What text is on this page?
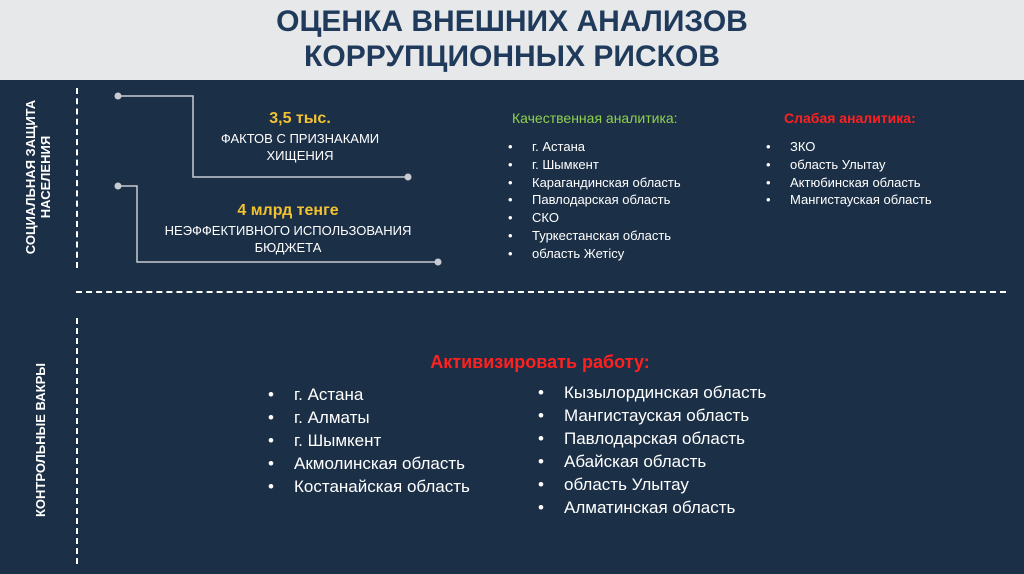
ОЦЕНКА ВНЕШНИХ АНАЛИЗОВ
КОРРУПЦИОННЫХ РИСКОВ
СОЦИАЛЬНАЯ ЗАЩИТА НАСЕЛЕНИЯ
КОНТРОЛЬНЫЕ ВАКРЫ
3,5 тыс.
ФАКТОВ С ПРИЗНАКАМИ
ХИЩЕНИЯ
4 млрд тенге
НЕЭФФЕКТИВНОГО ИСПОЛЬЗОВАНИЯ
БЮДЖЕТА
Качественная аналитика:
• г. Астана
• г. Шымкент
• Карагандинская область
• Павлодарская область
• СКО
• Туркестанская область
• область Жетісу
Слабая аналитика:
• ЗКО
• область Улытау
• Актюбинская область
• Мангистауская область
Активизировать работу:
• г. Астана
• г. Алматы
• г. Шымкент
• Акмолинская область
• Костанайская область
• Кызылординская область
• Мангистауская область
• Павлодарская область
• Абайская область
• область Улытау
• Алматинская область
